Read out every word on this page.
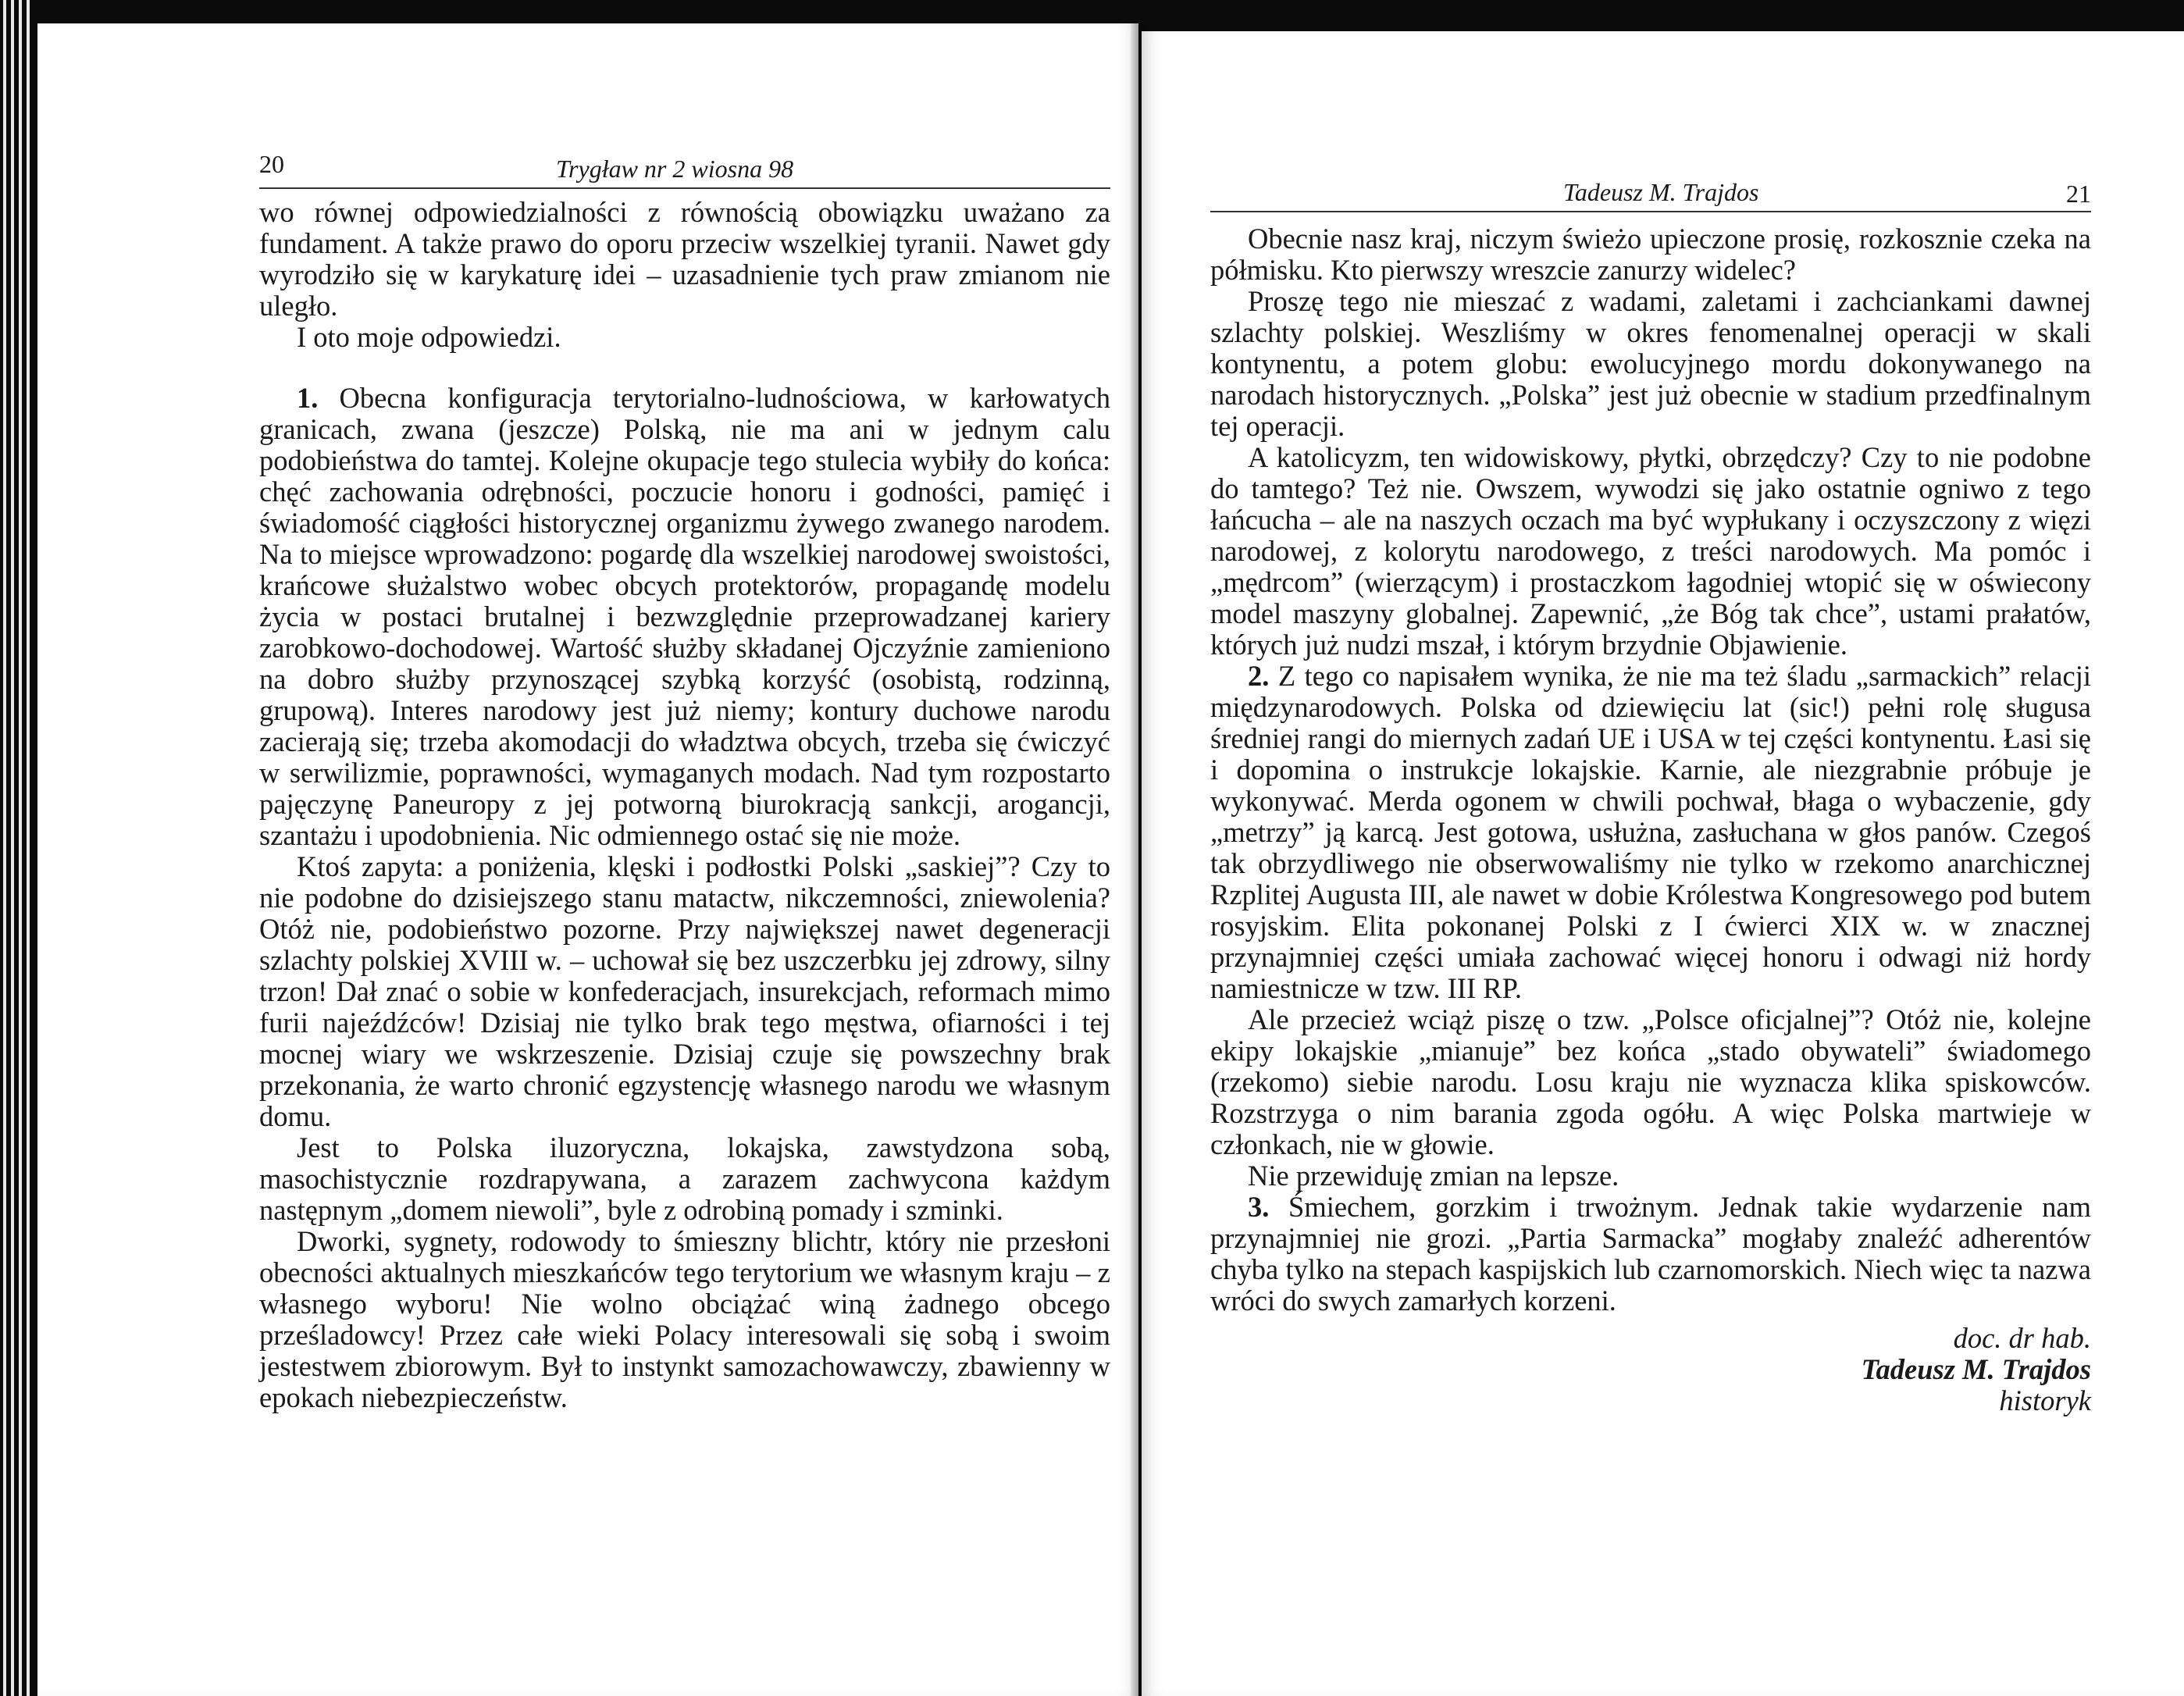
20	Trygław nr 2 wiosna 98

wo równej odpowiedzialności z równością obowiązku uważano za fundament. A także prawo do oporu przeciw wszelkiej tyranii. Nawet gdy wyrodziło się w karykaturę idei – uzasadnienie tych praw zmianom nie uległo.

I oto moje odpowiedzi.

1. Obecna konfiguracja terytorialno-ludnościowa, w karłowatych granicach, zwana (jeszcze) Polską, nie ma ani w jednym calu podobieństwa do tamtej. Kolejne okupacje tego stulecia wybiły do końca: chęć zachowania odrębności, poczucie honoru i godności, pamięć i świadomość ciągłości historycznej organizmu żywego zwanego narodem. Na to miejsce wprowadzono: pogardę dla wszelkiej narodowej swoistości, krańcowe służalstwo wobec obcych protektorów, propagandę modelu życia w postaci brutalnej i bezwzględnie przeprowadzanej kariery zarobkowo-dochodowej. Wartość służby składanej Ojczyźnie zamieniono na dobro służby przynoszącej szybką korzyść (osobistą, rodzinną, grupową). Interes narodowy jest już niemy; kontury duchowe narodu zacierają się; trzeba akomodacji do władztwa obcych, trzeba się ćwiczyć w serwilizmie, poprawności, wymaganych modach. Nad tym rozpostarto pajęczynę Paneuropy z jej potworną biurokracją sankcji, arogancji, szantażu i upodobnienia. Nic odmiennego ostać się nie może.

Ktoś zapyta: a poniżenia, klęski i podłostki Polski „saskiej”? Czy to nie podobne do dzisiejszego stanu matactw, nikczemności, zniewolenia? Otóż nie, podobieństwo pozorne. Przy największej nawet degeneracji szlachty polskiej XVIII w. – uchował się bez uszczerbku jej zdrowy, silny trzon! Dał znać o sobie w konfederacjach, insurekcjach, reformach mimo furii najeźdźców! Dzisiaj nie tylko brak tego męstwa, ofiarności i tej mocnej wiary we wskrzeszenie. Dzisiaj czuje się powszechny brak przekonania, że warto chronić egzystencję własnego narodu we własnym domu.

Jest to Polska iluzoryczna, lokajska, zawstydzona sobą, masochistycznie rozdrapywana, a zarazem zachwycona każdym następnym „domem niewoli”, byle z odrobiną pomady i szminki.

Dworki, sygnety, rodowody to śmieszny blichtr, który nie przesłoni obecności aktualnych mieszkańców tego terytorium we własnym kraju – z własnego wyboru! Nie wolno obciążać winą żadnego obcego prześladowcy! Przez całe wieki Polacy interesowali się sobą i swoim jestestwem zbiorowym. Był to instynkt samozachowawczy, zbawienny w epokach niebezpieczeństw.

Tadeusz M. Trajdos	21

Obecnie nasz kraj, niczym świeżo upieczone prosię, rozkosznie czeka na półmisku. Kto pierwszy wreszcie zanurzy widelec?

Proszę tego nie mieszać z wadami, zaletami i zachciankami dawnej szlachty polskiej. Weszliśmy w okres fenomenalnej operacji w skali kontynentu, a potem globu: ewolucyjnego mordu dokonywanego na narodach historycznych. „Polska” jest już obecnie w stadium przedfinalnym tej operacji.

A katolicyzm, ten widowiskowy, płytki, obrzędczy? Czy to nie podobne do tamtego? Też nie. Owszem, wywodzi się jako ostatnie ogniwo z tego łańcucha – ale na naszych oczach ma być wypłukany i oczyszczony z więzi narodowej, z kolorytu narodowego, z treści narodowych. Ma pomóc i „mędrcom” (wierzącym) i prostaczkom łagodniej wtopić się w oświecony model maszyny globalnej. Zapewnić, „że Bóg tak chce”, ustami prałatów, których już nudzi mszał, i którym brzydnie Objawienie.

2. Z tego co napisałem wynika, że nie ma też śladu „sarmackich” relacji międzynarodowych. Polska od dziewięciu lat (sic!) pełni rolę sługusa średniej rangi do miernych zadań UE i USA w tej części kontynentu. Łasi się i dopomina o instrukcje lokajskie. Karnie, ale niezgrabnie próbuje je wykonywać. Merda ogonem w chwili pochwał, błaga o wybaczenie, gdy „metrzy” ją karcą. Jest gotowa, usłużna, zasłuchana w głos panów. Czegoś tak obrzydliwego nie obserwowaliśmy nie tylko w rzekomo anarchicznej Rzplitej Augusta III, ale nawet w dobie Królestwa Kongresowego pod butem rosyjskim. Elita pokonanej Polski z I ćwierci XIX w. w znacznej przynajmniej części umiała zachować więcej honoru i odwagi niż hordy namiestnicze w tzw. III RP.

Ale przecież wciąż piszę o tzw. „Polsce oficjalnej”? Otóż nie, kolejne ekipy lokajskie „mianuje” bez końca „stado obywateli” świadomego (rzekomo) siebie narodu. Losu kraju nie wyznacza klika spiskowców. Rozstrzyga o nim barania zgoda ogółu. A więc Polska martwieje w członkach, nie w głowie.

Nie przewiduję zmian na lepsze.

3. Śmiechem, gorzkim i trwożnym. Jednak takie wydarzenie nam przynajmniej nie grozi. „Partia Sarmacka” mogłaby znaleźć adherentów chyba tylko na stepach kaspijskich lub czarnomorskich. Niech więc ta nazwa wróci do swych zamarłych korzeni.

doc. dr hab.

Tadeusz M. Trajdos

historyk
